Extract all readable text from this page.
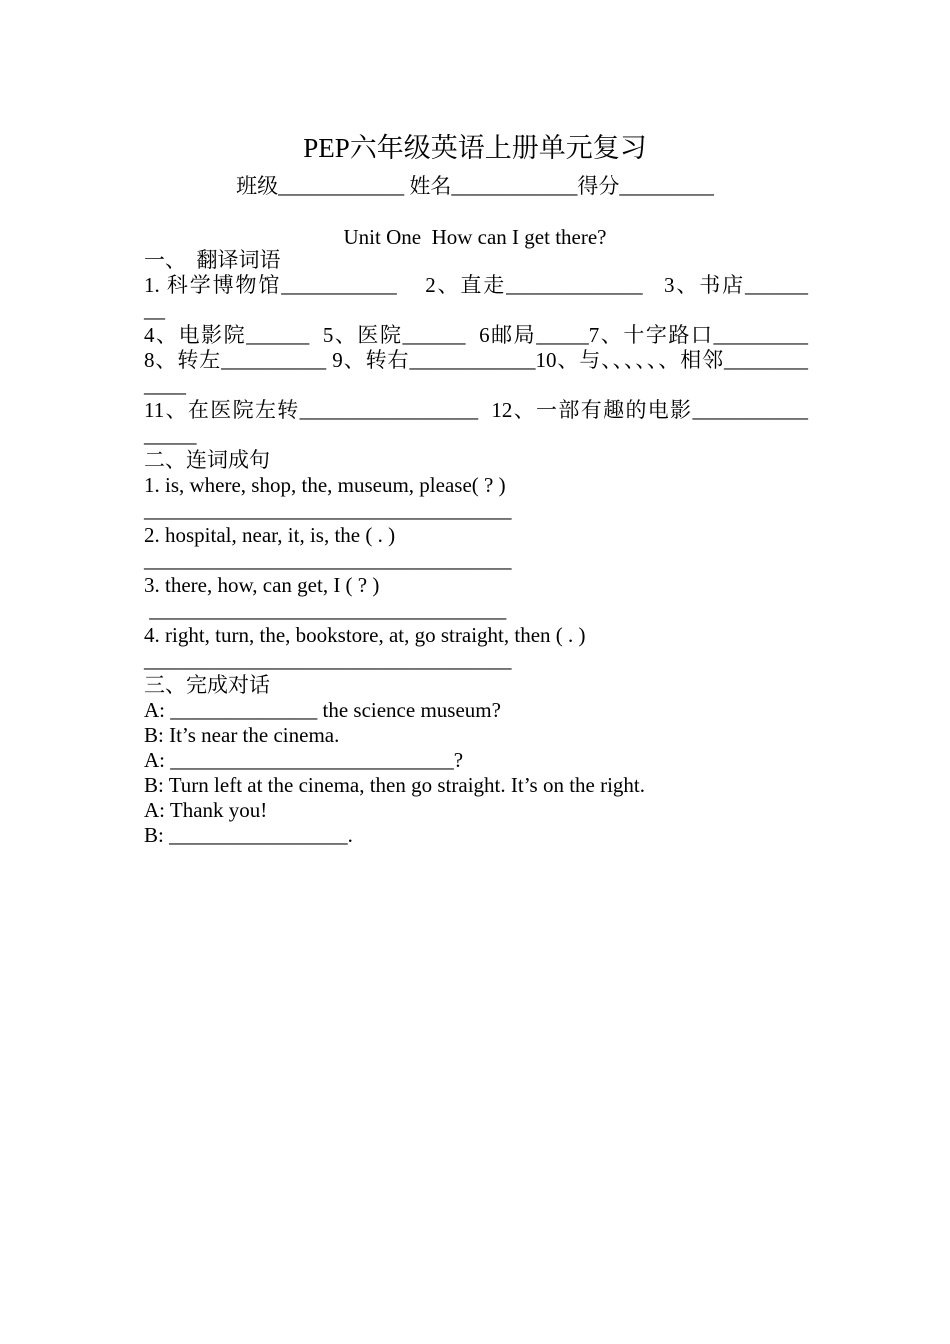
PEP六年级英语上册单元复习
班级____________ 姓名____________得分_________
Unit One  How can I get there?
一、  翻译词语
1. 科学博物馆___________    2、直走_____________   3、书店______
__
4、电影院______  5、医院______  6邮局_____7、十字路口_________
8、转左__________ 9、转右____________10、与、、、、、、相邻________
____
11、在医院左转_________________  12、一部有趣的电影___________
_____
二、连词成句
1. is, where, shop, the, museum, please( ? )
___________________________________
2. hospital, near, it, is, the ( . )
___________________________________
3. there, how, can get, I ( ? )
__________________________________
4. right, turn, the, bookstore, at, go straight, then ( . )
___________________________________
三、完成对话
A: ______________ the science museum?
B: It’s near the cinema.
A: ___________________________?
B: Turn left at the cinema, then go straight. It’s on the right.
A: Thank you!
B: _________________.
